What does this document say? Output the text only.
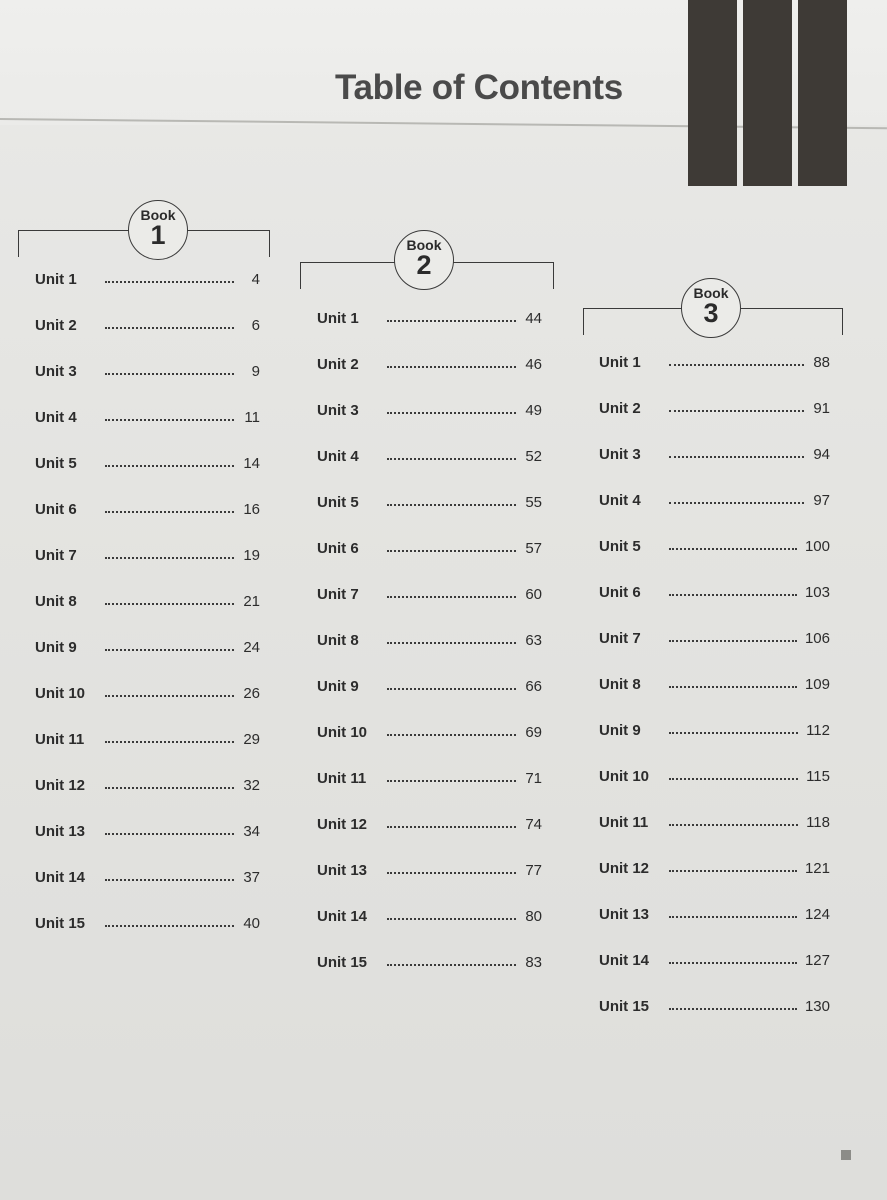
Table of Contents
Book
1
Unit 1	4
Unit 2	6
Unit 3	9
Unit 4	11
Unit 5	14
Unit 6	16
Unit 7	19
Unit 8	21
Unit 9	24
Unit 10	26
Unit 11	29
Unit 12	32
Unit 13	34
Unit 14	37
Unit 15	40
Book
2
Unit 1	44
Unit 2	46
Unit 3	49
Unit 4	52
Unit 5	55
Unit 6	57
Unit 7	60
Unit 8	63
Unit 9	66
Unit 10	69
Unit 11	71
Unit 12	74
Unit 13	77
Unit 14	80
Unit 15	83
Book
3
Unit 1	88
Unit 2	91
Unit 3	94
Unit 4	97
Unit 5	100
Unit 6	103
Unit 7	106
Unit 8	109
Unit 9	112
Unit 10	115
Unit 11	118
Unit 12	121
Unit 13	124
Unit 14	127
Unit 15	130
